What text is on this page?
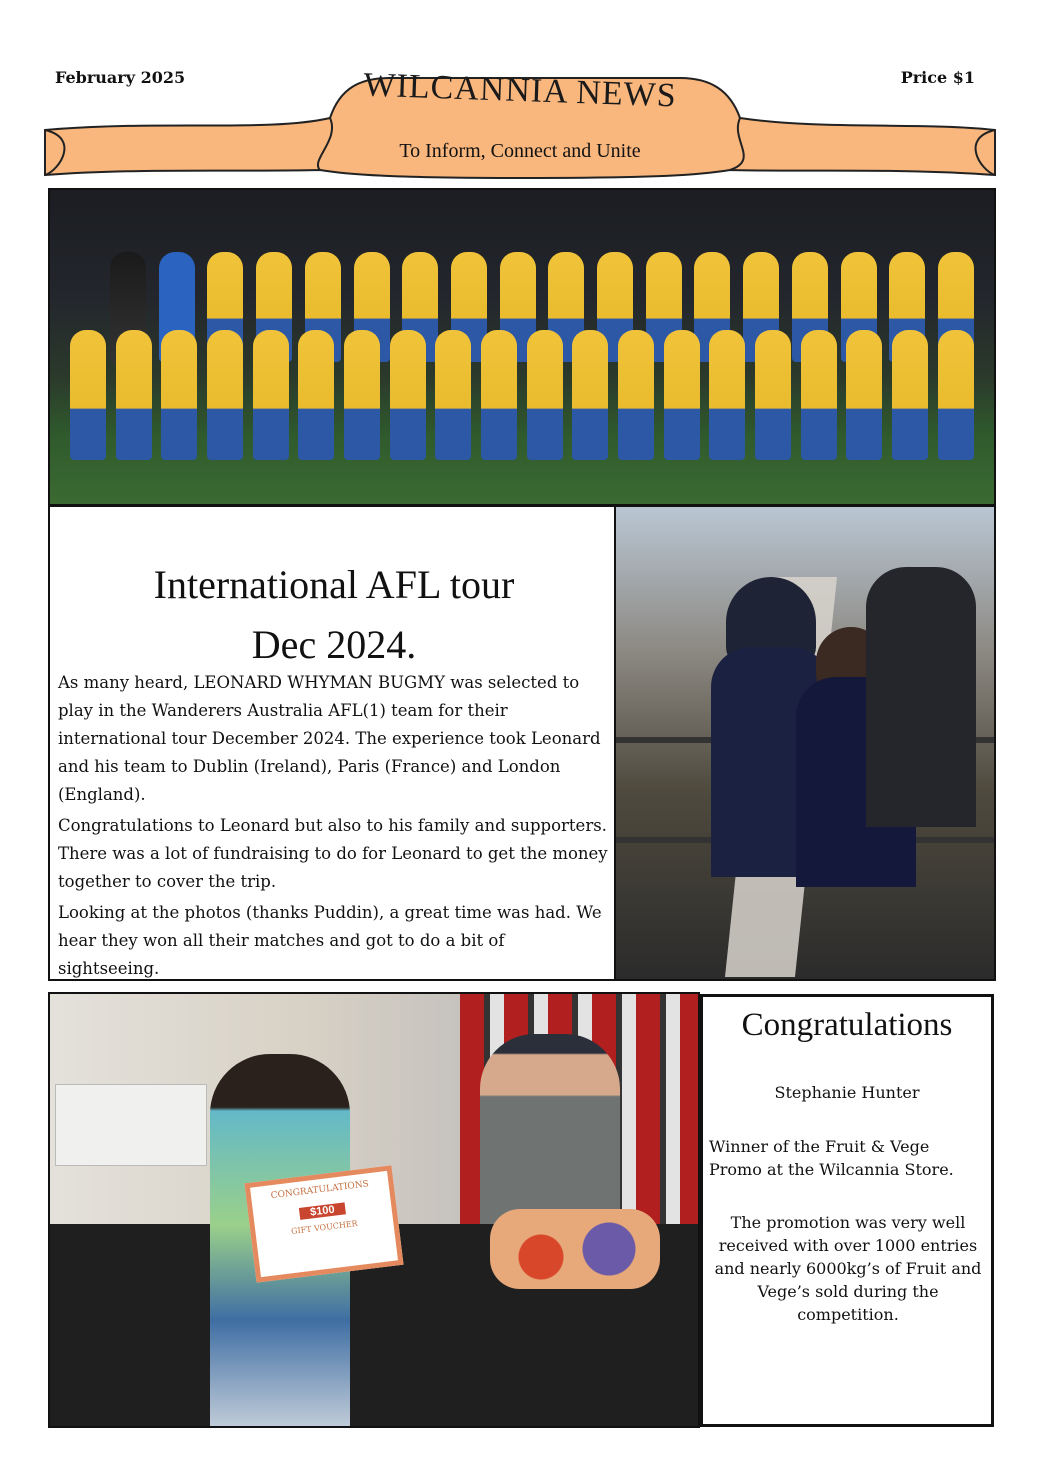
February 2025	Price $1
WILCANNIA NEWS
To Inform, Connect and Unite
International AFL tour
Dec 2024.

As many heard, LEONARD WHYMAN BUGMY was selected to play in the Wanderers Australia AFL(1) team for their international tour December 2024. The experience took Leonard and his team to Dublin (Ireland), Paris (France) and London (England).

Congratulations to Leonard but also to his family and supporters. There was a lot of fundraising to do for Leonard to get the money together to cover the trip.

Looking at the photos (thanks Puddin), a great time was had. We hear they won all their matches and got to do a bit of sightseeing.

CONGRATULATIONS
$100
GIFT VOUCHER
Congratulations
Stephanie Hunter
Winner of the Fruit & Vege Promo at the Wilcannia Store.
The promotion was very well received with over 1000 entries and nearly 6000kg’s of Fruit and Vege’s sold during the competition.
